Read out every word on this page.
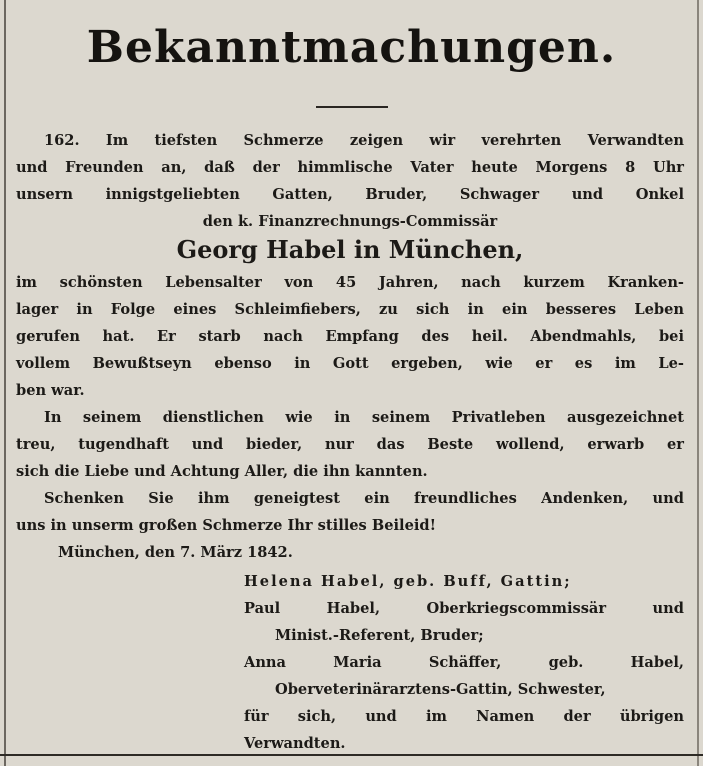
Bekanntmachungen.
162. Im tiefsten Schmerze zeigen wir verehrten Verwandten
und Freunden an, daß der himmlische Vater heute Morgens 8 Uhr
unsern innigstgeliebten Gatten, Bruder, Schwager und Onkel
den k. Finanzrechnungs-Commissär
Georg Habel in München,
im schönsten Lebensalter von 45 Jahren, nach kurzem Kranken-
lager in Folge eines Schleimfiebers, zu sich in ein besseres Leben
gerufen hat. Er starb nach Empfang des heil. Abendmahls, bei
vollem Bewußtseyn ebenso in Gott ergeben, wie er es im Le-
ben war.
In seinem dienstlichen wie in seinem Privatleben ausgezeichnet
treu, tugendhaft und bieder, nur das Beste wollend, erwarb er
sich die Liebe und Achtung Aller, die ihn kannten.
Schenken Sie ihm geneigtest ein freundliches Andenken, und
uns in unserm großen Schmerze Ihr stilles Beileid!
München, den 7. März 1842.
Helena Habel, geb. Buff, Gattin;
Paul Habel, Oberkriegscommissär und
Minist.-Referent, Bruder;
Anna Maria Schäffer, geb. Habel,
Oberveterinärarztens-Gattin, Schwester,
für sich, und im Namen der übrigen
Verwandten.
